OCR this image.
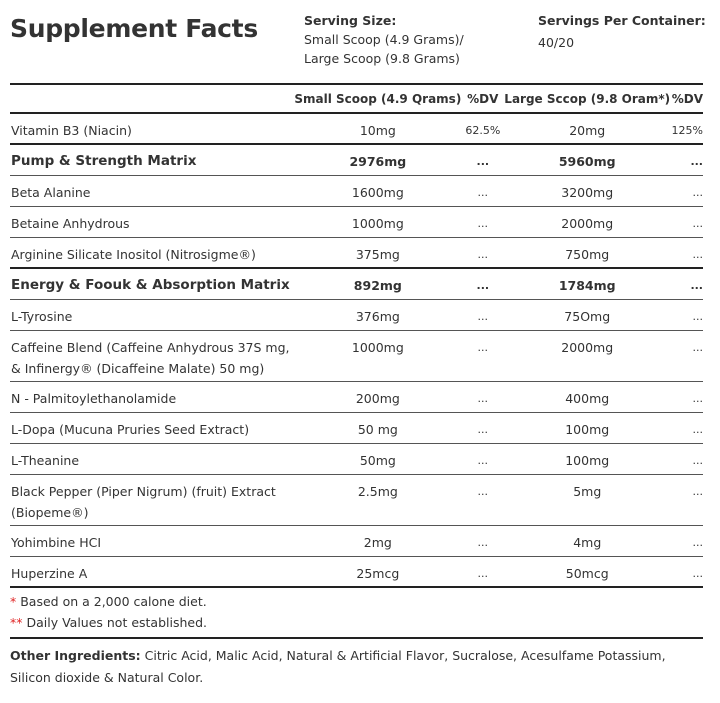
Supplement Facts	Serving Size:
Small Scoop (4.9 Grams)/
Large Scoop (9.8 Grams)
Servings Per Container:
40/20
	Small Scoop (4.9 Qrams)	%DV	Large Sccop (9.8 Oram*)	%DV

Vitamin B3 (Niacin)	10mg	62.5%	20mg	125%

Pump & Strength Matrix	2976mg	...	5960mg	...

Beta Alanine	1600mg	...	3200mg	...

Betaine Anhydrous	1000mg	...	2000mg	...

Arginine Silicate Inositol (Nitrosigme®)	375mg	...	750mg	...

Energy & Foouk & Absorption Matrix	892mg	...	1784mg	...

L-Tyrosine	376mg	...	75Omg	...

Caffeine Blend (Caffeine Anhydrous 37S mg,
& Infinergy® (Dicaffeine Malate) 50 mg)	1000mg	...	2000mg	...

N - Palmitoylethanolamide	200mg	...	400mg	...

L-Dopa (Mucuna Pruries Seed Extract)	50 mg	...	100mg	...

L-Theanine	50mg	...	100mg	...

Black Pepper (Piper Nigrum) (fruit) Extract
(Biopeme®)	2.5mg	...	5mg	...

Yohimbine HCI	2mg	...	4mg	...

Huperzine A	25mcg	...	50mcg	...
* Based on a 2,000 calone diet.
** Daily Values not established.
Other Ingredients: Citric Acid, Malic Acid, Natural & Artificial Flavor, Sucralose, Acesulfame Potassium, Silicon dioxide & Natural Color.
